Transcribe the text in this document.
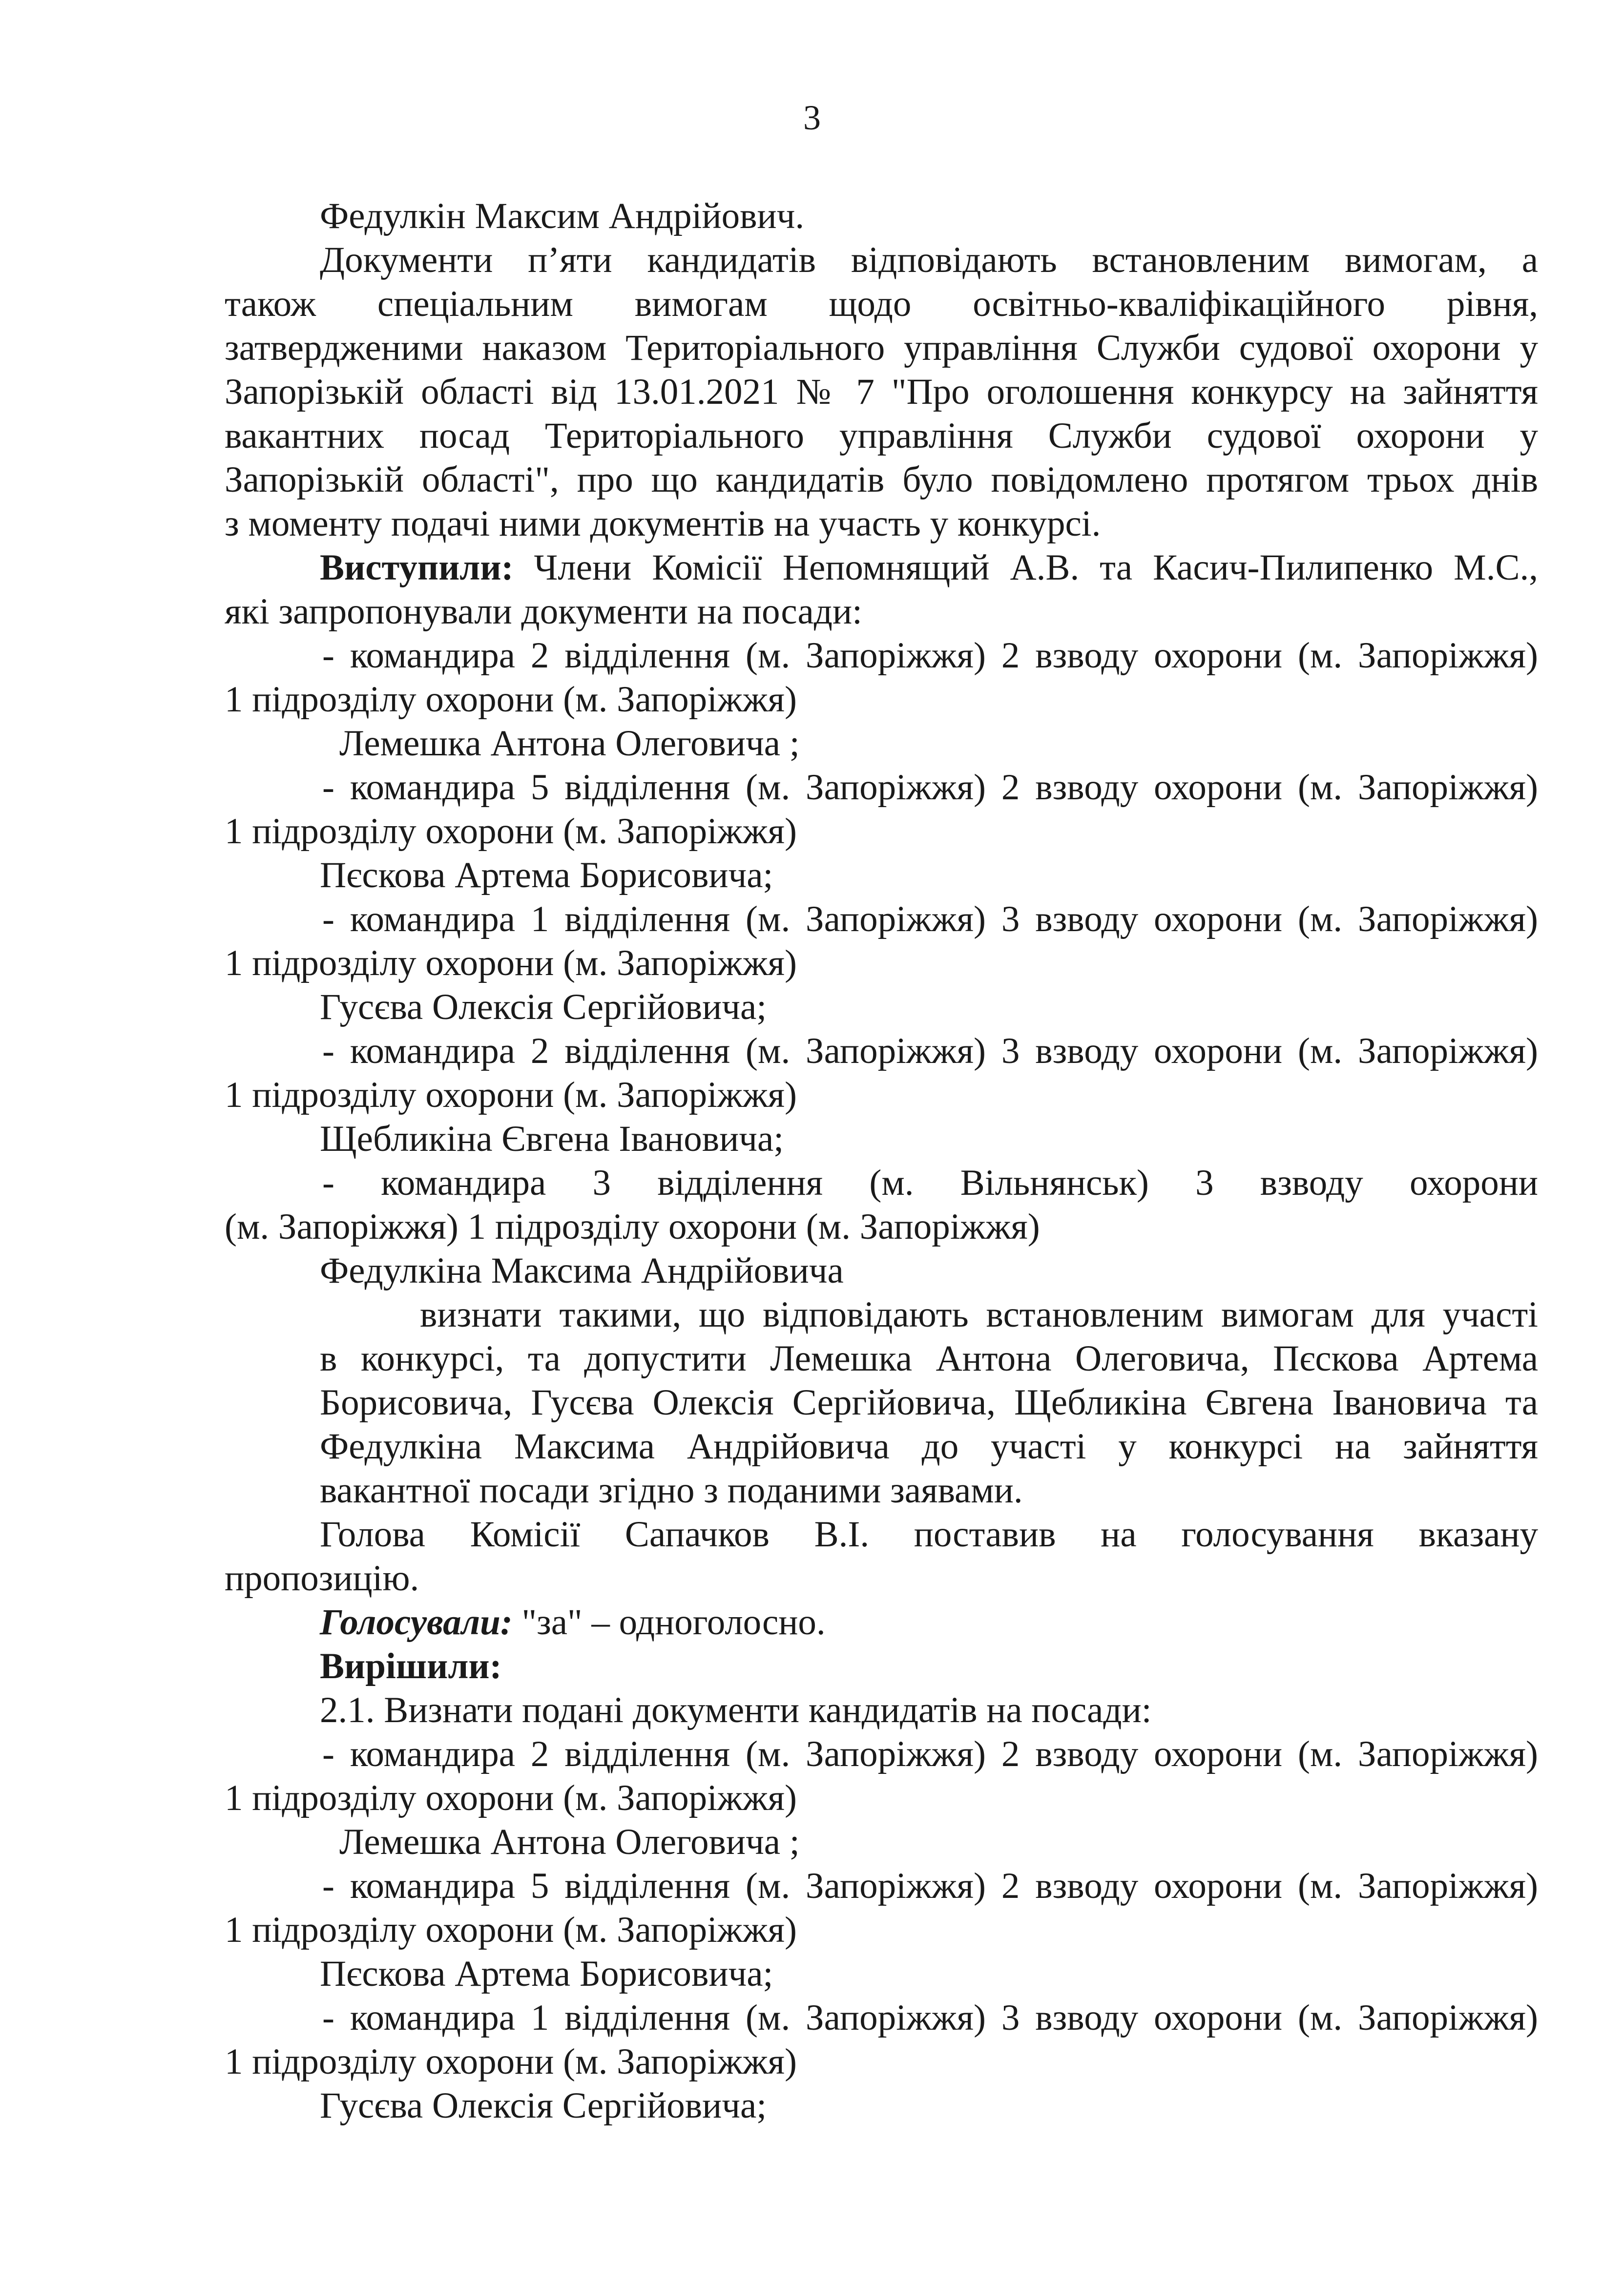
3
Федулкін Максим Андрійович.
Документи п’яти кандидатів відповідають встановленим вимогам, а
також спеціальним вимогам щодо освітньо-кваліфікаційного рівня,
затвердженими наказом Територіального управління Служби судової охорони у
Запорізькій області від 13.01.2021 № 7 "Про оголошення конкурсу на зайняття
вакантних посад Територіального управління Служби судової охорони у
Запорізькій області", про що кандидатів було повідомлено протягом трьох днів
з моменту подачі ними документів на участь у конкурсі.
Виступили: Члени Комісії Непомнящий А.В. та Касич-Пилипенко М.С.,
які запропонували документи на посади:
- командира 2 відділення (м. Запоріжжя) 2 взводу охорони (м. Запоріжжя)
1 підрозділу охорони (м. Запоріжжя)
Лемешка Антона Олеговича ;
- командира 5 відділення (м. Запоріжжя) 2 взводу охорони (м. Запоріжжя)
1 підрозділу охорони (м. Запоріжжя)
Пєскова Артема Борисовича;
- командира 1 відділення (м. Запоріжжя) 3 взводу охорони (м. Запоріжжя)
1 підрозділу охорони (м. Запоріжжя)
Гусєва Олексія Сергійовича;
- командира 2 відділення (м. Запоріжжя) 3 взводу охорони (м. Запоріжжя)
1 підрозділу охорони (м. Запоріжжя)
Щебликіна Євгена Івановича;
- командира 3 відділення (м. Вільнянськ) 3 взводу охорони
(м. Запоріжжя) 1 підрозділу охорони (м. Запоріжжя)
Федулкіна Максима Андрійовича
визнати такими, що відповідають встановленим вимогам для участі
в конкурсі, та допустити Лемешка Антона Олеговича, Пєскова Артема
Борисовича, Гусєва Олексія Сергійовича, Щебликіна Євгена Івановича та
Федулкіна Максима Андрійовича до участі у конкурсі на зайняття
вакантної посади згідно з поданими заявами.
Голова Комісії Сапачков В.І. поставив на голосування вказану
пропозицію.
Голосували: "за" – одноголосно.
Вирішили:
2.1. Визнати подані документи кандидатів на посади:
- командира 2 відділення (м. Запоріжжя) 2 взводу охорони (м. Запоріжжя)
1 підрозділу охорони (м. Запоріжжя)
Лемешка Антона Олеговича ;
- командира 5 відділення (м. Запоріжжя) 2 взводу охорони (м. Запоріжжя)
1 підрозділу охорони (м. Запоріжжя)
Пєскова Артема Борисовича;
- командира 1 відділення (м. Запоріжжя) 3 взводу охорони (м. Запоріжжя)
1 підрозділу охорони (м. Запоріжжя)
Гусєва Олексія Сергійовича;
